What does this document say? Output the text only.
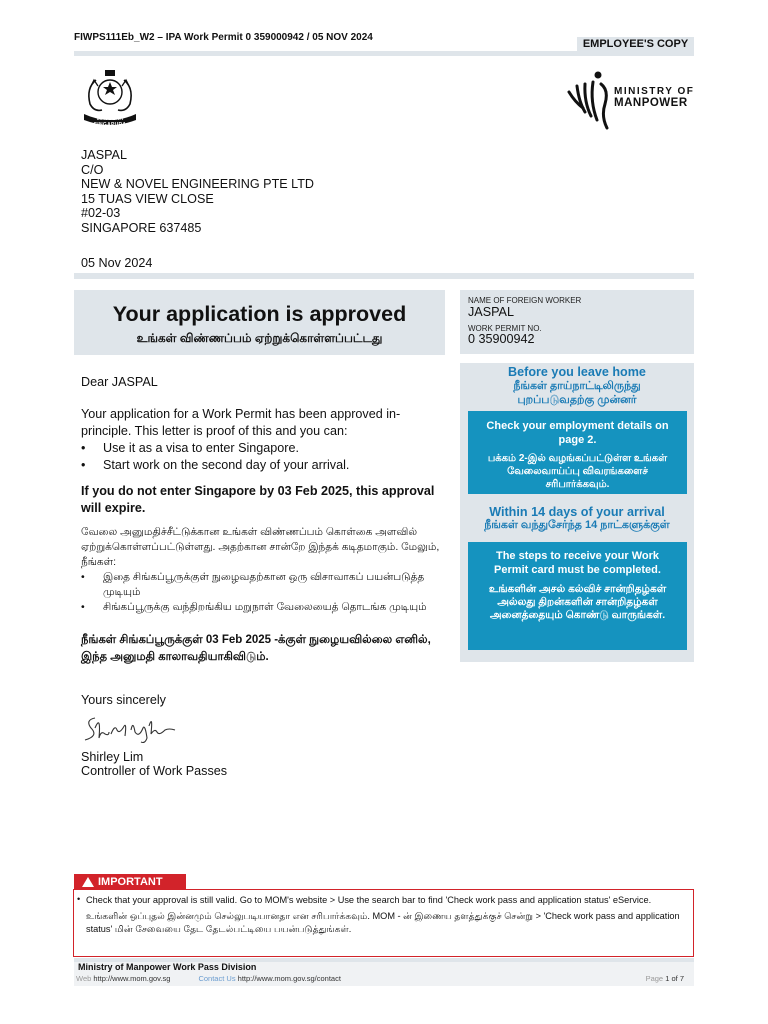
FIWPS111Eb_W2 – IPA Work Permit 0 359000942 / 05 NOV 2024
EMPLOYEE'S COPY
MAJULAH SINGAPURA
MINISTRY OF
MANPOWER
JASPAL
C/O
NEW & NOVEL ENGINEERING PTE LTD
15 TUAS VIEW CLOSE
#02-03
SINGAPORE 637485
05 Nov 2024
Your application is approved
உங்கள் விண்ணப்பம் ஏற்றுக்கொள்ளப்பட்டது
NAME OF FOREIGN WORKER
JASPAL
WORK PERMIT NO.
0 35900942
Dear JASPAL
Your application for a Work Permit has been approved in-principle. This letter is proof of this and you can:
• Use it as a visa to enter Singapore.
• Start work on the second day of your arrival.
If you do not enter Singapore by 03 Feb 2025, this approval will expire.
வேலை அனுமதிச்சீட்டுக்கான உங்கள் விண்ணப்பம் கொள்கை அளவில் ஏற்றுக்கொள்ளப்பட்டுள்ளது. அதற்கான சான்றே இந்தக் கடிதமாகும். மேலும், நீங்கள்:
• இதை சிங்கப்பூருக்குள் நுழைவதற்கான ஒரு விசாவாகப் பயன்படுத்த முடியும்
• சிங்கப்பூருக்கு வந்திறங்கிய மறுநாள் வேலையைத் தொடங்க முடியும்
நீங்கள் சிங்கப்பூருக்குள் 03 Feb 2025 -க்குள் நுழையவில்லை எனில், இந்த அனுமதி காலாவதியாகிவிடும்.
Yours sincerely
Shirley Lim
Controller of Work Passes
Before you leave home
நீங்கள் தாய்நாட்டிலிருந்து புறப்படுவதற்கு முன்னர்
Check your employment details on page 2.
பக்கம் 2-இல் வழங்கப்பட்டுள்ள உங்கள் வேலைவாய்ப்பு விவரங்களைச் சரிபார்க்கவும்.
Within 14 days of your arrival
நீங்கள் வந்துசேர்ந்த 14 நாட்களுக்குள்
The steps to receive your Work Permit card must be completed.
உங்களின் அசல் கல்விச் சான்றிதழ்கள் அல்லது திறன்களின் சான்றிதழ்கள் அனைத்தையும் கொண்டு வாருங்கள்.
IMPORTANT
• Check that your approval is still valid. Go to MOM's website > Use the search bar to find 'Check work pass and application status' eService.
உங்களின் ஒப்புதல் இன்னமும் செல்லுபடியானதா என சரிபார்க்கவும். MOM - ன் இணைய தளத்துக்குச் சென்று > 'Check work pass and application status' மின் சேவையை தேட தேடல்பட்டியை பயன்படுத்துங்கள்.
Ministry of Manpower Work Pass Division
Web http://www.mom.gov.sg	Contact Us http://www.mom.gov.sg/contact	Page 1 of 7
